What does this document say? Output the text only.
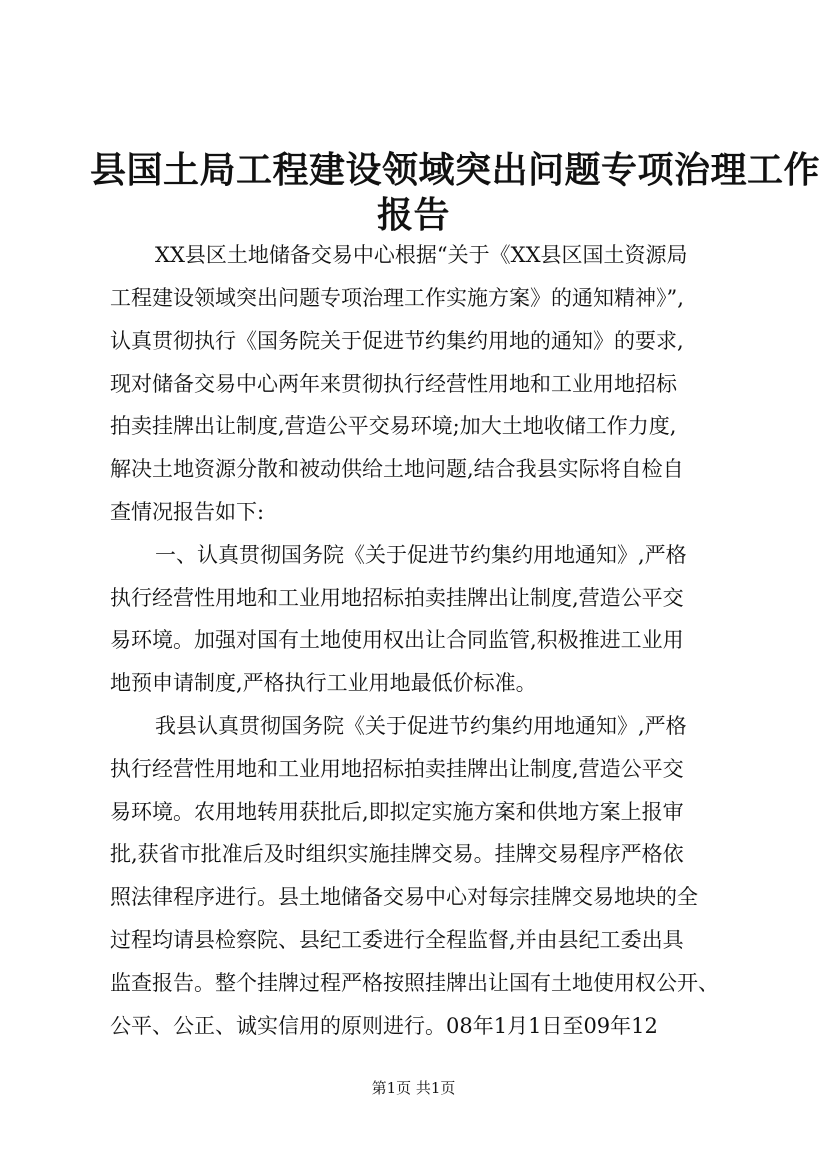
县国土局工程建设领域突出问题专项治理工作
报告
XX县区土地储备交易中心根据“关于《XX县区国土资源局
工程建设领域突出问题专项治理工作实施方案》的通知精神》”,
认真贯彻执行《国务院关于促进节约集约用地的通知》的要求,
现对储备交易中心两年来贯彻执行经营性用地和工业用地招标
拍卖挂牌出让制度,营造公平交易环境;加大土地收储工作力度,
解决土地资源分散和被动供给土地问题,结合我县实际将自检自
查情况报告如下:
一、认真贯彻国务院《关于促进节约集约用地通知》,严格
执行经营性用地和工业用地招标拍卖挂牌出让制度,营造公平交
易环境。加强对国有土地使用权出让合同监管,积极推进工业用
地预申请制度,严格执行工业用地最低价标准。
我县认真贯彻国务院《关于促进节约集约用地通知》,严格
执行经营性用地和工业用地招标拍卖挂牌出让制度,营造公平交
易环境。农用地转用获批后,即拟定实施方案和供地方案上报审
批,获省市批准后及时组织实施挂牌交易。挂牌交易程序严格依
照法律程序进行。县土地储备交易中心对每宗挂牌交易地块的全
过程均请县检察院、县纪工委进行全程监督,并由县纪工委出具
监查报告。整个挂牌过程严格按照挂牌出让国有土地使用权公开、
公平、公正、诚实信用的原则进行。08年1月1日至09年12
第1页 共1页
